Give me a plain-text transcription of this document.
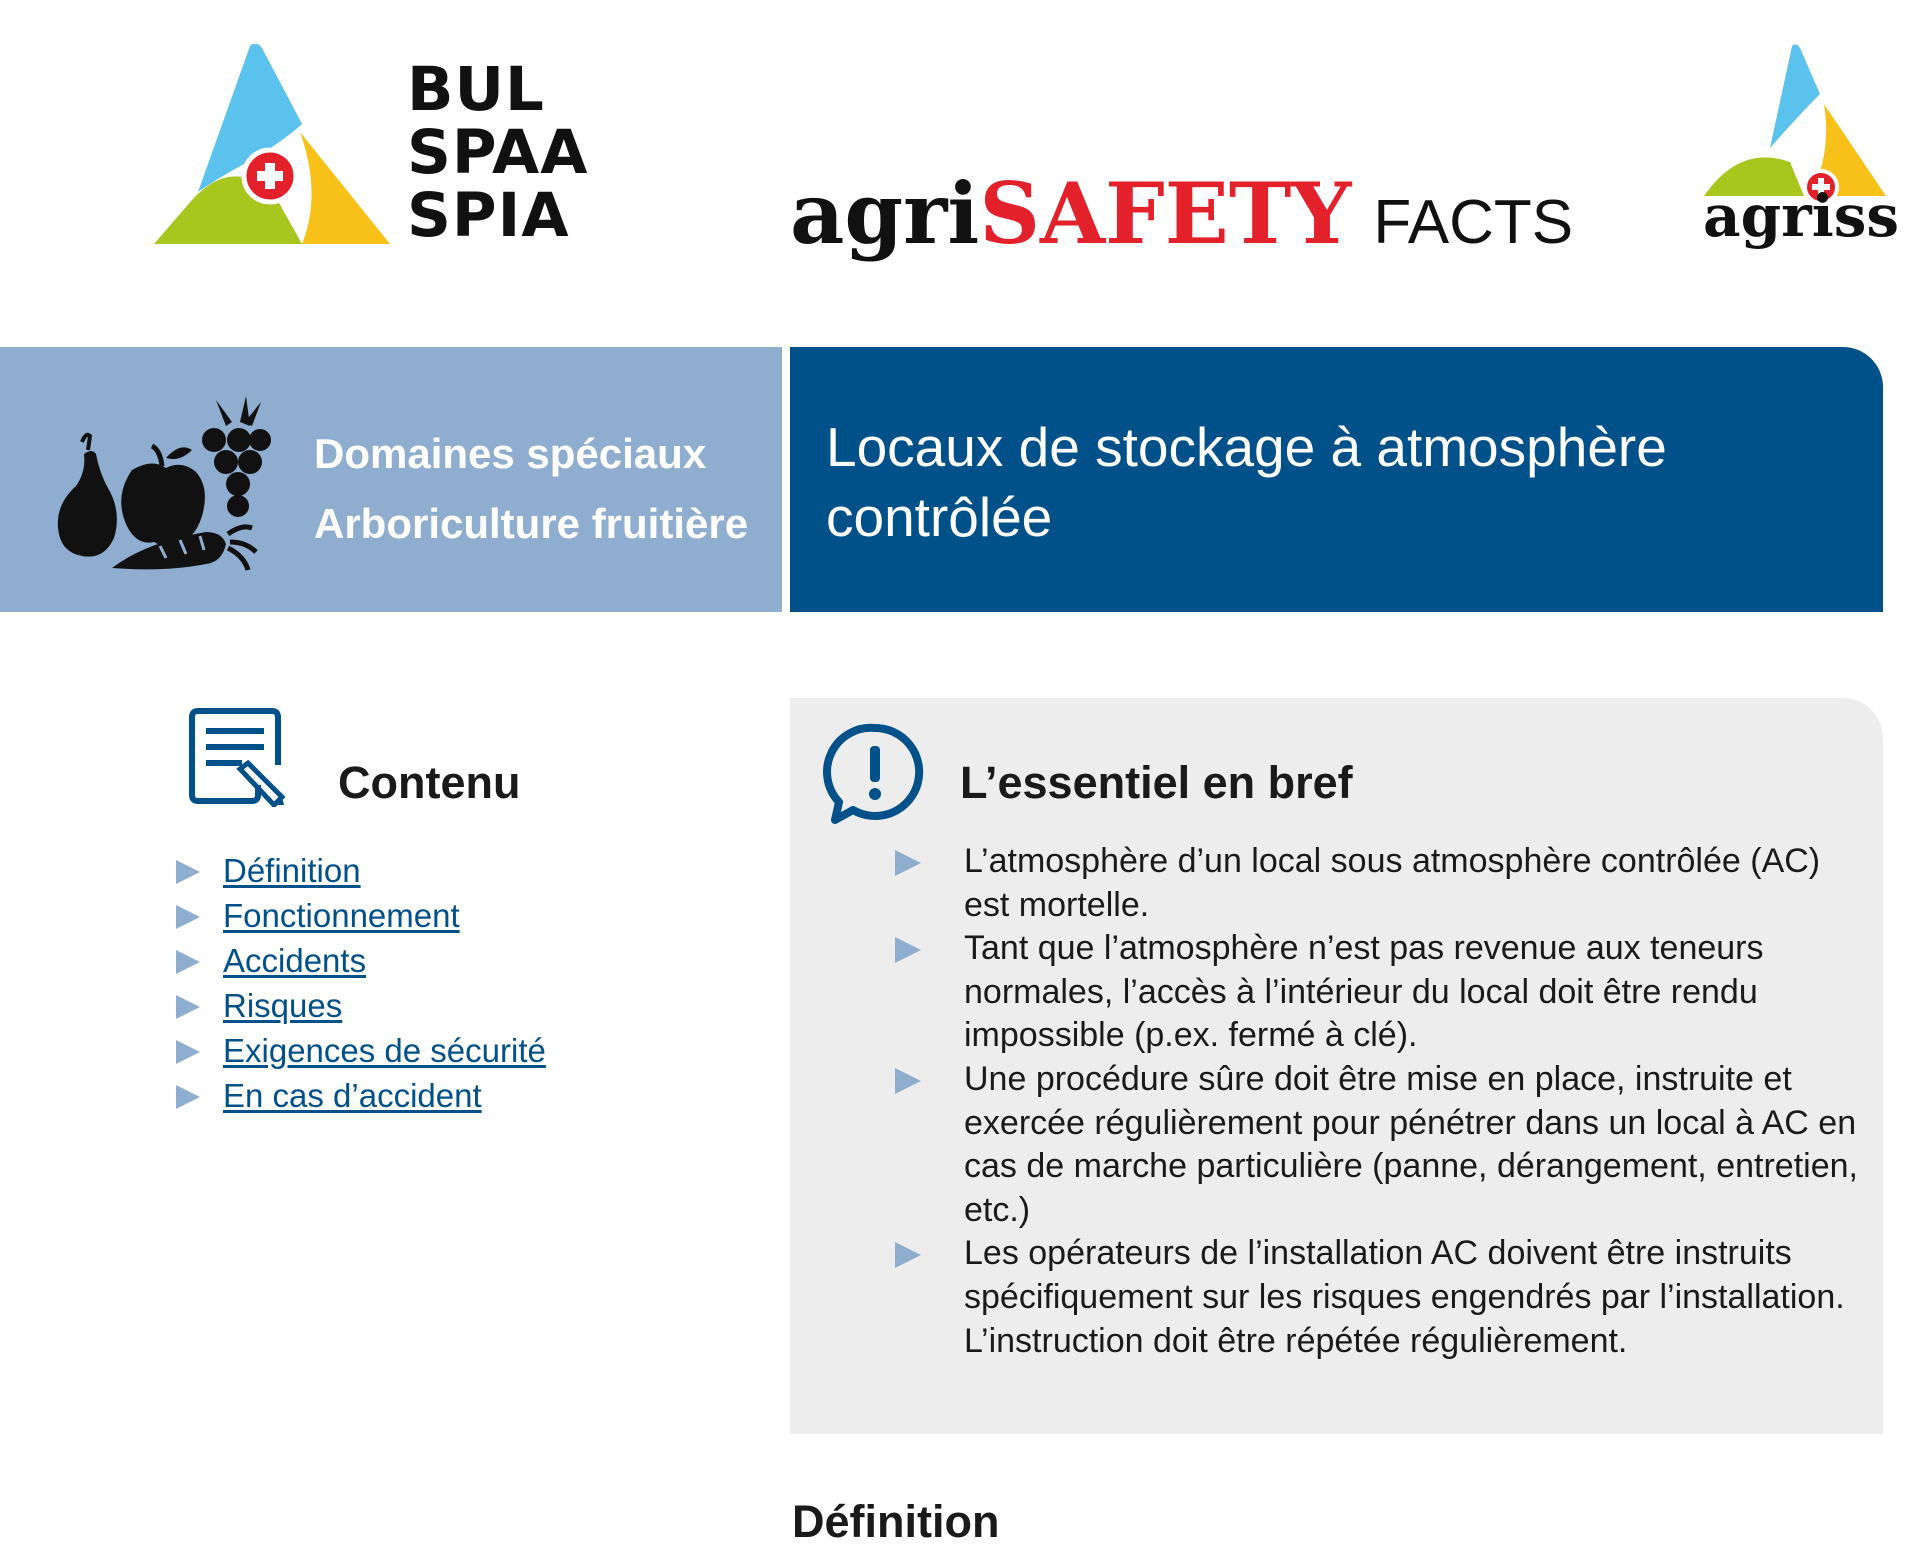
BUL
SPAA
SPIA	agriSAFETY FACTS agriss
Domaines spéciaux
Arboriculture fruitière
Locaux de stockage à atmosphère contrôlée
Contenu
Définition
Fonctionnement
Accidents
Risques
Exigences de sécurité
En cas d’accident
L’essentiel en bref
L’atmosphère d’un local sous atmosphère contrôlée (AC) est mortelle.
Tant que l’atmosphère n’est pas revenue aux teneurs normales, l’accès à l’intérieur du local doit être rendu impossible (p.ex. fermé à clé).
Une procédure sûre doit être mise en place, instruite et exercée régulièrement pour pénétrer dans un local à AC en cas de marche particulière (panne, dérangement, entretien, etc.)
Les opérateurs de l’installation AC doivent être instruits spécifiquement sur les risques engendrés par l’installation. L’instruction doit être répétée régulièrement.
Définition
